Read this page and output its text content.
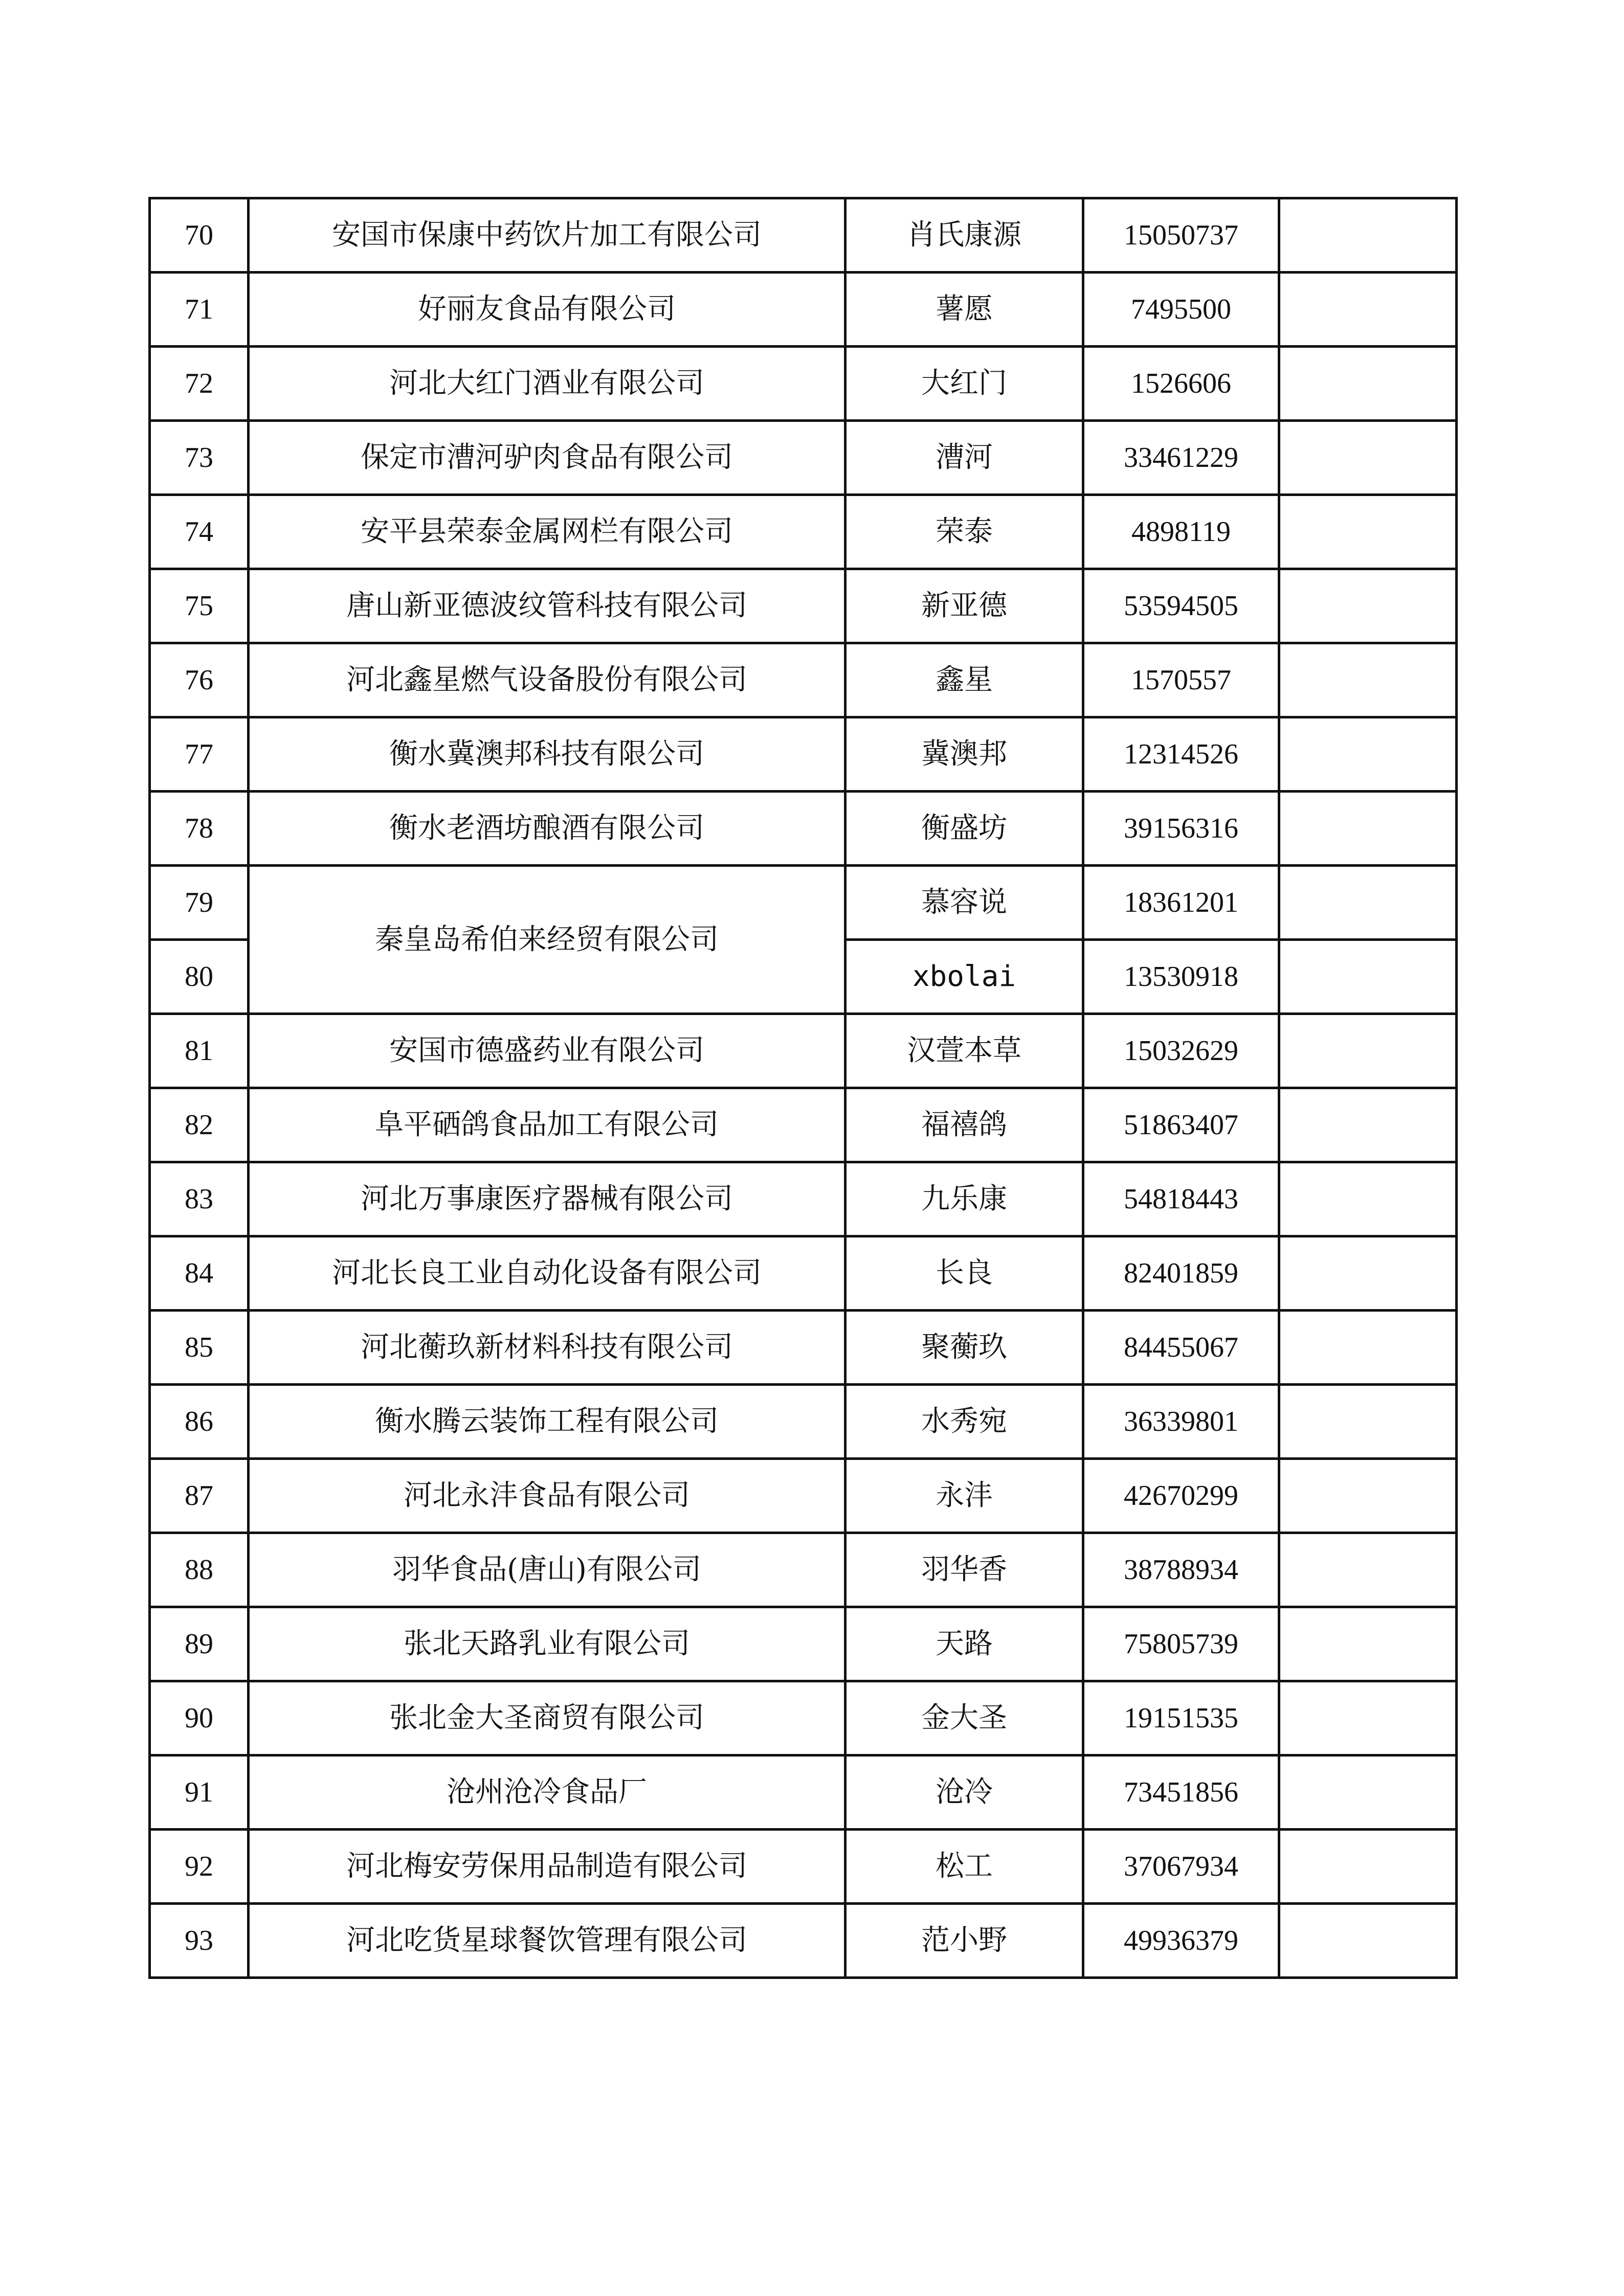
70	安国市保康中药饮片加工有限公司	肖氏康源	15050737	
71	好丽友食品有限公司	薯愿	7495500	
72	河北大红门酒业有限公司	大红门	1526606	
73	保定市漕河驴肉食品有限公司	漕河	33461229	
74	安平县荣泰金属网栏有限公司	荣泰	4898119	
75	唐山新亚德波纹管科技有限公司	新亚德	53594505	
76	河北鑫星燃气设备股份有限公司	鑫星	1570557	
77	衡水冀澳邦科技有限公司	冀澳邦	12314526	
78	衡水老酒坊酿酒有限公司	衡盛坊	39156316	
79	秦皇岛希伯来经贸有限公司	慕容说	18361201	
80		xbolai	13530918	
81	安国市德盛药业有限公司	汉萱本草	15032629	
82	阜平硒鸽食品加工有限公司	福禧鸽	51863407	
83	河北万事康医疗器械有限公司	九乐康	54818443	
84	河北长良工业自动化设备有限公司	长良	82401859	
85	河北蘅玖新材料科技有限公司	聚蘅玖	84455067	
86	衡水腾云装饰工程有限公司	水秀宛	36339801	
87	河北永沣食品有限公司	永沣	42670299	
88	羽华食品(唐山)有限公司	羽华香	38788934	
89	张北天路乳业有限公司	天路	75805739	
90	张北金大圣商贸有限公司	金大圣	19151535	
91	沧州沧冷食品厂	沧冷	73451856	
92	河北梅安劳保用品制造有限公司	松工	37067934	
93	河北吃货星球餐饮管理有限公司	范小野	49936379	
